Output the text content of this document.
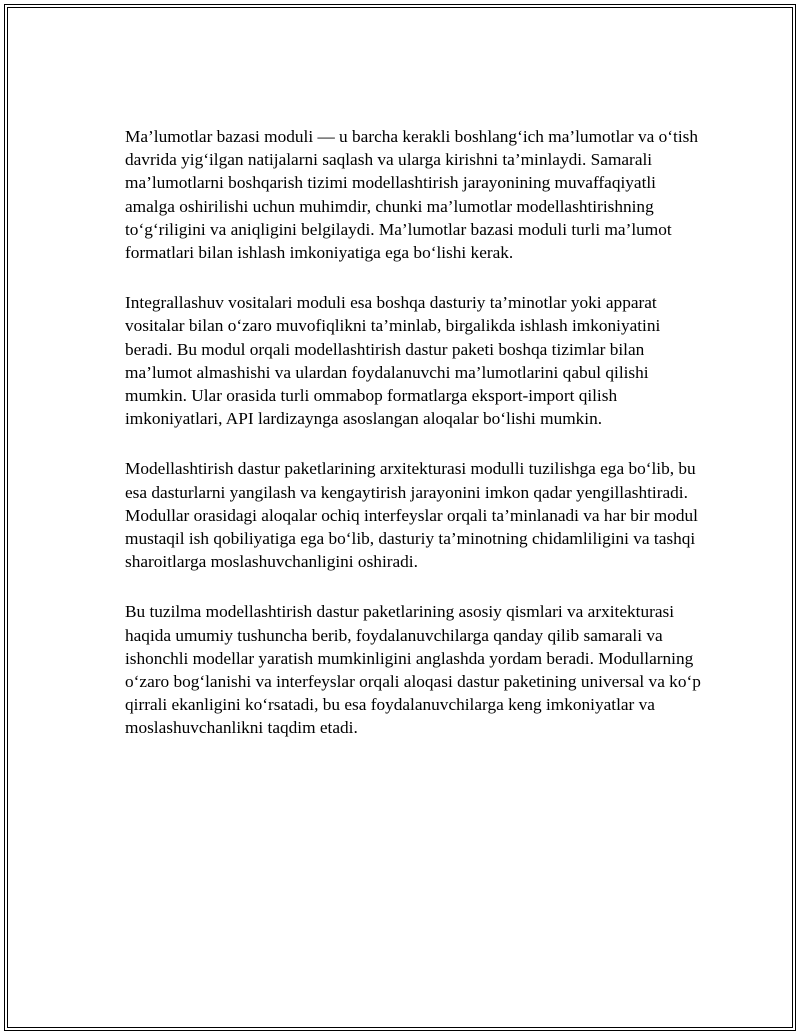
Ma’lumotlar bazasi moduli — u barcha kerakli boshlang‘ich ma’lumotlar va o‘tish davrida yig‘ilgan natijalarni saqlash va ularga kirishni ta’minlaydi. Samarali ma’lumotlarni boshqarish tizimi modellashtirish jarayonining muvaffaqiyatli amalga oshirilishi uchun muhimdir, chunki ma’lumotlar modellashtirishning to‘g‘riligini va aniqligini belgilaydi. Ma’lumotlar bazasi moduli turli ma’lumot formatlari bilan ishlash imkoniyatiga ega bo‘lishi kerak.

Integrallashuv vositalari moduli esa boshqa dasturiy ta’minotlar yoki apparat vositalar bilan o‘zaro muvofiqlikni ta’minlab, birgalikda ishlash imkoniyatini beradi. Bu modul orqali modellashtirish dastur paketi boshqa tizimlar bilan ma’lumot almashishi va ulardan foydalanuvchi ma’lumotlarini qabul qilishi mumkin. Ular orasida turli ommabop formatlarga eksport-import qilish imkoniyatlari, API lardizaynga asoslangan aloqalar bo‘lishi mumkin.

Modellashtirish dastur paketlarining arxitekturasi modulli tuzilishga ega bo‘lib, bu esa dasturlarni yangilash va kengaytirish jarayonini imkon qadar yengillashtiradi. Modullar orasidagi aloqalar ochiq interfeyslar orqali ta’minlanadi va har bir modul mustaqil ish qobiliyatiga ega bo‘lib, dasturiy ta’minotning chidamliligini va tashqi sharoitlarga moslashuvchanligini oshiradi.

Bu tuzilma modellashtirish dastur paketlarining asosiy qismlari va arxitekturasi haqida umumiy tushuncha berib, foydalanuvchilarga qanday qilib samarali va ishonchli modellar yaratish mumkinligini anglashda yordam beradi. Modullarning o‘zaro bog‘lanishi va interfeyslar orqali aloqasi dastur paketining universal va ko‘p qirrali ekanligini ko‘rsatadi, bu esa foydalanuvchilarga keng imkoniyatlar va moslashuvchanlikni taqdim etadi.
